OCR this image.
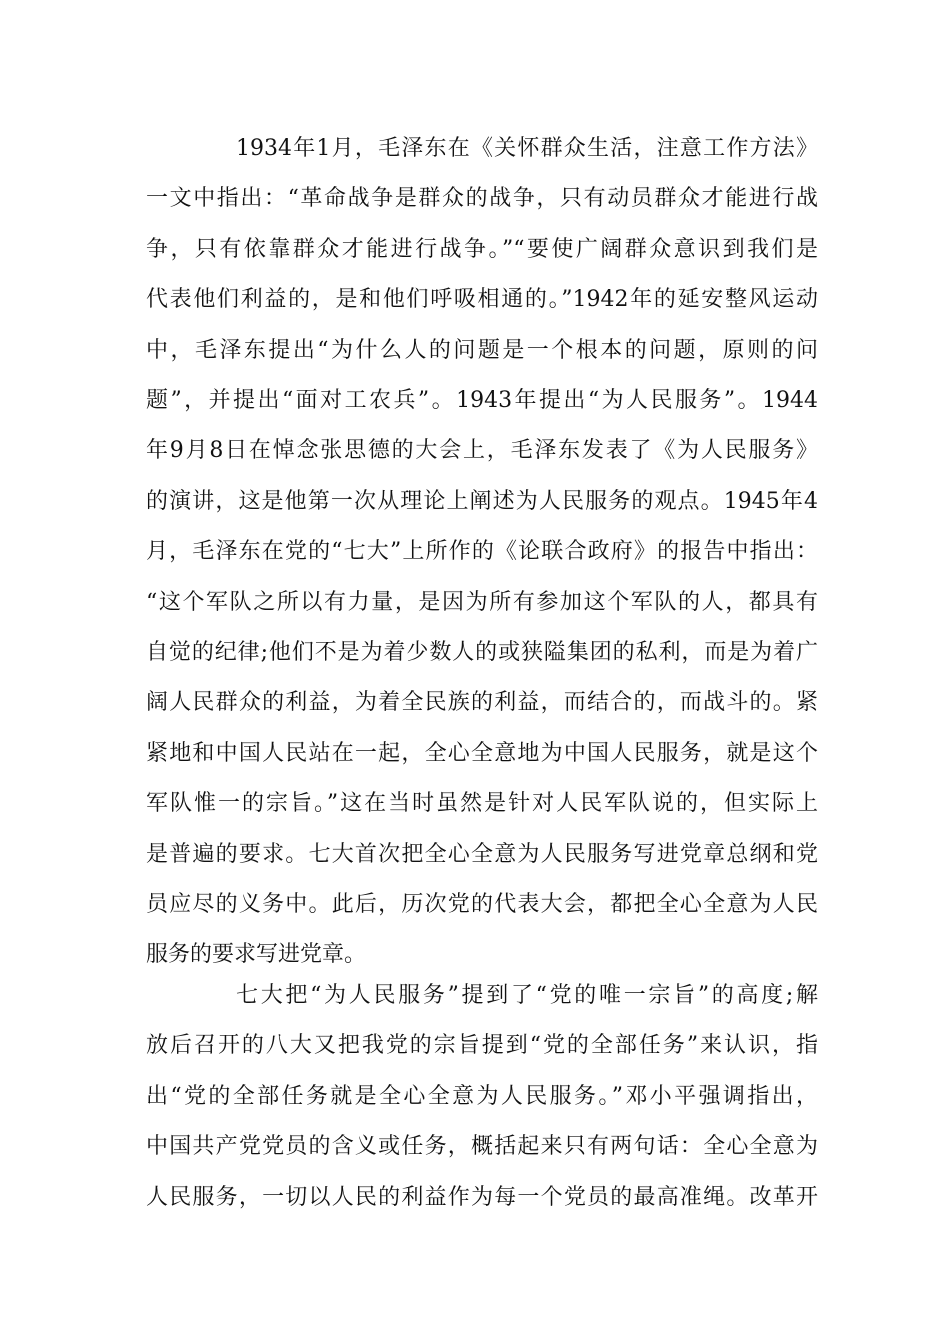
1934年1月，毛泽东在《关怀群众生活，注意工作方法》
一文中指出：“革命战争是群众的战争，只有动员群众才能进行战
争，只有依靠群众才能进行战争。”“要使广阔群众意识到我们是
代表他们利益的，是和他们呼吸相通的。”1942年的延安整风运动
中，毛泽东提出“为什么人的问题是一个根本的问题，原则的问
题”，并提出“面对工农兵”。1943年提出“为人民服务”。1944
年9月8日在悼念张思德的大会上，毛泽东发表了《为人民服务》
的演讲，这是他第一次从理论上阐述为人民服务的观点。1945年4
月，毛泽东在党的“七大”上所作的《论联合政府》的报告中指出：
“这个军队之所以有力量，是因为所有参加这个军队的人，都具有
自觉的纪律;他们不是为着少数人的或狭隘集团的私利，而是为着广
阔人民群众的利益，为着全民族的利益，而结合的，而战斗的。紧
紧地和中国人民站在一起，全心全意地为中国人民服务，就是这个
军队惟一的宗旨。”这在当时虽然是针对人民军队说的，但实际上
是普遍的要求。七大首次把全心全意为人民服务写进党章总纲和党
员应尽的义务中。此后，历次党的代表大会，都把全心全意为人民
服务的要求写进党章。
七大把“为人民服务”提到了“党的唯一宗旨”的高度;解
放后召开的八大又把我党的宗旨提到“党的全部任务”来认识，指
出“党的全部任务就是全心全意为人民服务。”邓小平强调指出，
中国共产党党员的含义或任务，概括起来只有两句话：全心全意为
人民服务，一切以人民的利益作为每一个党员的最高准绳。改革开
